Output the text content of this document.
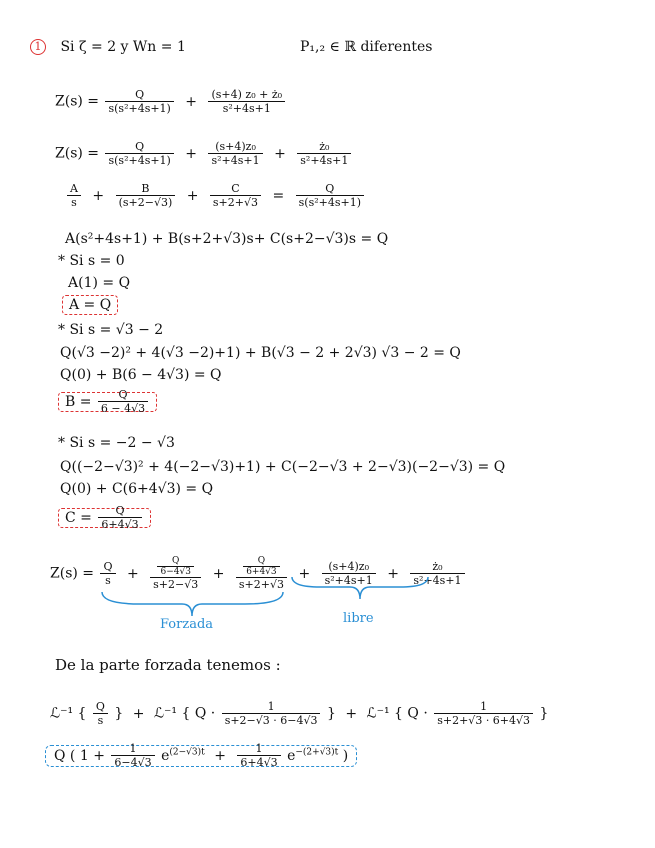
1 Si ζ = 2 y Wn = 1	P₁,₂ ∈ ℝ diferentes
$Z(s) = \frac{Q}{\text{s(s²+4s+1)}} + \frac{\text{(s+4) z₀ + ż₀}}{\text{s²+4s+1}}$
$Z(s) = \frac{Q}{\text{s(s²+4s+1)}} + \frac{\text{(s+4)z₀}}{\text{s²+4s+1}} + \frac{\text{ż₀}}{\text{s²+4s+1}}$
$\frac{A}{s} + \frac{B}{(s+2-√3)} + \frac{C}{s+2+√3} = \frac{Q}{\text{s(s²+4s+1)}}$
A(s²+4s+1) + B(s+2+√3)s+ C(s+2−√3)s = Q
* Si s = 0
A(1) = Q
A = Q
* Si s = √3 − 2
Q(√3 −2)² + 4(√3 −2)+1) + B(√3 − 2 + 2√3) √3 − 2 = Q
Q(0) + B(6 − 4√3) = Q
$B = \frac{Q}{6 - 4√3}$
* Si s = −2 − √3
Q((−2−√3)² + 4(−2−√3)+1) + C(−2−√3 + 2−√3)(−2−√3) = Q
Q(0) + C(6+4√3) = Q
$C = \frac{Q}{6+4√3}$
$Z(s) = \frac{Q}{s} + \frac{\frac{Q}{6-4√3}}{s+2-√3} + \frac{\frac{Q}{6+4√3}}{s+2+√3} + \frac{\text{(s+4)z₀}}{\text{s²+4s+1}} + \frac{\text{ż₀}}{\text{s²+4s+1}}$
Forzada	libre
De la parte forzada tenemos :
ℒ⁻¹ { $\frac{Q}{s}$ } + ℒ⁻¹ { $Q \cdot \frac{1}{s+2-√3 \cdot 6-4√3}$ } + ℒ⁻¹ { $Q \cdot \frac{1}{s+2+√3 \cdot 6+4√3}$ }
Q ( $1 + \frac{1}{6-4√3} e^{(2-√3)t} + \frac{1}{6+4√3} e^{-(2+√3)t}$ )
